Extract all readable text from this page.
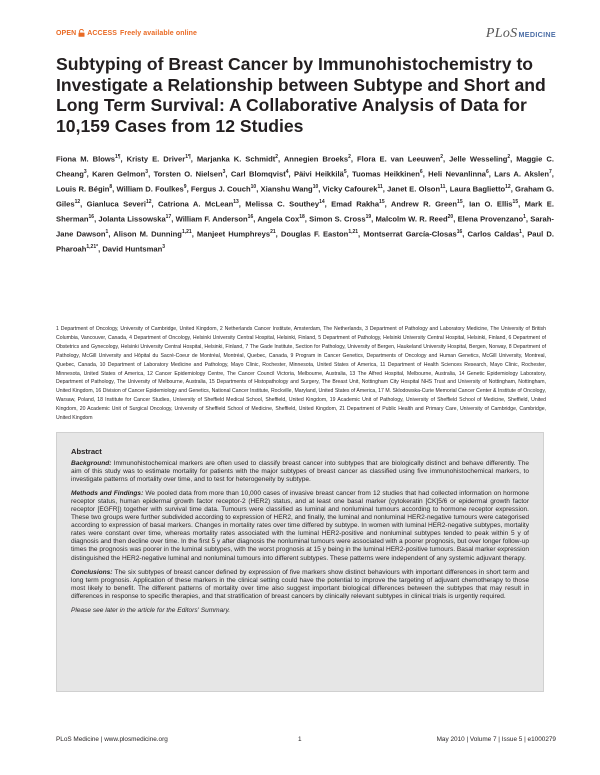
OPEN ACCESS Freely available online	PLoSMEDICINE
Subtyping of Breast Cancer by Immunohistochemistry to Investigate a Relationship between Subtype and Short and Long Term Survival: A Collaborative Analysis of Data for 10,159 Cases from 12 Studies

Fiona M. Blows$^{1\P}$, Kristy E. Driver$^{1\P}$, Marjanka K. Schmidt$^2$, Annegien Broeks$^2$, Flora E. van Leeuwen$^2$, Jelle Wesseling$^2$, Maggie C. Cheang$^3$, Karen Gelmon$^3$, Torsten O. Nielsen$^3$, Carl Blomqvist$^4$, Päivi Heikkilä$^5$, Tuomas Heikkinen$^6$, Heli Nevanlinna$^6$, Lars A. Akslen$^7$, Louis R. Bégin$^8$, William D. Foulkes$^9$, Fergus J. Couch$^{10}$, Xianshu Wang$^{10}$, Vicky Cafourek$^{11}$, Janet E. Olson$^{11}$, Laura Baglietto$^{12}$, Graham G. Giles$^{12}$, Gianluca Severi$^{12}$, Catriona A. McLean$^{13}$, Melissa C. Southey$^{14}$, Emad Rakha$^{15}$, Andrew R. Green$^{15}$, Ian O. Ellis$^{15}$, Mark E. Sherman$^{16}$, Jolanta Lissowska$^{17}$, William F. Anderson$^{16}$, Angela Cox$^{18}$, Simon S. Cross$^{19}$, Malcolm W. R. Reed$^{20}$, Elena Provenzano$^1$, Sarah-Jane Dawson$^1$, Alison M. Dunning$^{1,21}$, Manjeet Humphreys$^{21}$, Douglas F. Easton$^{1,21}$, Montserrat García-Closas$^{16}$, Carlos Caldas$^1$, Paul D. Pharoah$^{1,21*}$, David Huntsman$^3$

1 Department of Oncology, University of Cambridge, United Kingdom, 2 Netherlands Cancer Institute, Amsterdam, The Netherlands, 3 Department of Pathology and Laboratory Medicine, The University of British Columbia, Vancouver, Canada, 4 Department of Oncology, Helsinki University Central Hospital, Helsinki, Finland, 5 Department of Pathology, Helsinki University Central Hospital, Helsinki, Finland, 6 Department of Obstetrics and Gynecology, Helsinki University Central Hospital, Helsinki, Finland, 7 The Gade Institute, Section for Pathology, University of Bergen, Haukeland University Hospital, Bergen, Norway, 8 Department of Pathology, McGill University and Hôpital du Sacré-Coeur de Montréal, Montréal, Quebec, Canada, 9 Program in Cancer Genetics, Departments of Oncology and Human Genetics, McGill University, Montreal, Quebec, Canada, 10 Department of Laboratory Medicine and Pathology, Mayo Clinic, Rochester, Minnesota, United States of America, 11 Department of Health Sciences Research, Mayo Clinic, Rochester, Minnesota, United States of America, 12 Cancer Epidemiology Centre, The Cancer Council Victoria, Melbourne, Australia, 13 The Alfred Hospital, Melbourne, Australia, 14 Genetic Epidemiology Laboratory, Department of Pathology, The University of Melbourne, Australia, 15 Departments of Histopathology and Surgery, The Breast Unit, Nottingham City Hospital NHS Trust and University of Nottingham, Nottingham, United Kingdom, 16 Division of Cancer Epidemiology and Genetics, National Cancer Institute, Rockville, Maryland, United States of America, 17 M. Sklodowska-Curie Memorial Cancer Center & Institute of Oncology, Warsaw, Poland, 18 Institute for Cancer Studies, University of Sheffield Medical School, Sheffield, United Kingdom, 19 Academic Unit of Pathology, University of Sheffield School of Medicine, Sheffield, United Kingdom, 20 Academic Unit of Surgical Oncology, University of Sheffield School of Medicine, Sheffield, United Kingdom, 21 Department of Public Health and Primary Care, University of Cambridge, Cambridge, United Kingdom

Abstract

Background: Immunohistochemical markers are often used to classify breast cancer into subtypes that are biologically distinct and behave differently. The aim of this study was to estimate mortality for patients with the major subtypes of breast cancer as classified using five immunohistochemical markers, to investigate patterns of mortality over time, and to test for heterogeneity by subtype.

Methods and Findings: We pooled data from more than 10,000 cases of invasive breast cancer from 12 studies that had collected information on hormone receptor status, human epidermal growth factor receptor-2 (HER2) status, and at least one basal marker (cytokeratin [CK]5/6 or epidermal growth factor receptor [EGFR]) together with survival time data. Tumours were classified as luminal and nonluminal tumours according to hormone receptor expression. These two groups were further subdivided according to expression of HER2, and finally, the luminal and nonluminal HER2-negative tumours were categorised according to expression of basal markers. Changes in mortality rates over time differed by subtype. In women with luminal HER2-negative subtypes, mortality rates were constant over time, whereas mortality rates associated with the luminal HER2-positive and nonluminal subtypes tended to peak within 5 y of diagnosis and then decline over time. In the first 5 y after diagnosis the nonluminal tumours were associated with a poorer prognosis, but over longer follow-up times the prognosis was poorer in the luminal subtypes, with the worst prognosis at 15 y being in the luminal HER2-positive tumours. Basal marker expression distinguished the HER2-negative luminal and nonluminal tumours into different subtypes. These patterns were independent of any systemic adjuvant therapy.

Conclusions: The six subtypes of breast cancer defined by expression of five markers show distinct behaviours with important differences in short term and long term prognosis. Application of these markers in the clinical setting could have the potential to improve the targeting of adjuvant chemotherapy to those most likely to benefit. The different patterns of mortality over time also suggest important biological differences between the subtypes that may result in differences in response to specific therapies, and that stratification of breast cancers by clinically relevant subtypes in clinical trials is urgently required.

Please see later in the article for the Editors' Summary.

PLoS Medicine | www.plosmedicine.org	1	May 2010 | Volume 7 | Issue 5 | e1000279
